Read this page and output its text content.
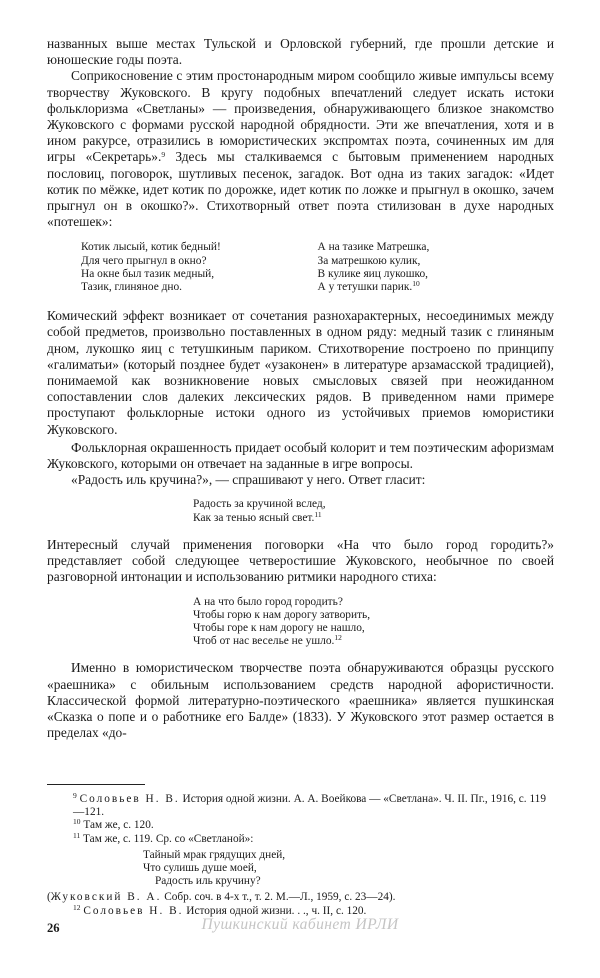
названных выше местах Тульской и Орловской губерний, где прошли детские и юношеские годы поэта.

Соприкосновение с этим простонародным миром сообщило живые импульсы всему творчеству Жуковского. В кругу подобных впечатлений следует искать истоки фольклоризма «Светланы» — произведения, обнаруживающего близкое знакомство Жуковского с формами русской народной обрядности. Эти же впечатления, хотя и в ином ракурсе, отразились в юмористических экспромтах поэта, сочиненных им для игры «Секретарь».$^9$ Здесь мы сталкиваемся с бытовым применением народных пословиц, поговорок, шутливых песенок, загадок. Вот одна из таких загадок: «Идет котик по мёжке, идет котик по дорожке, идет котик по ложке и прыгнул в окошко, зачем прыгнул он в окошко?». Стихотворный ответ поэта стилизован в духе народных «потешек»:

Котик лысый, котик бедный!
Для чего прыгнул в окно?
На окне был тазик медный,
Тазик, глиняное дно.
А на тазике Матрешка,
За матрешкою кулик,
В кулике яиц лукошко,
А у тетушки парик.$^{10}$

Комический эффект возникает от сочетания разнохарактерных, несоединимых между собой предметов, произвольно поставленных в одном ряду: медный тазик с глиняным дном, лукошко яиц с тетушкиным париком. Стихотворение построено по принципу «галиматьи» (который позднее будет «узаконен» в литературе арзамасской традицией), понимаемой как возникновение новых смысловых связей при неожиданном сопоставлении слов далеких лексических рядов. В приведенном нами примере проступают фольклорные истоки одного из устойчивых приемов юмористики Жуковского.

Фольклорная окрашенность придает особый колорит и тем поэтическим афоризмам Жуковского, которыми он отвечает на заданные в игре вопросы.

«Радость иль кручина?», — спрашивают у него. Ответ гласит:

Радость за кручиной вслед,
Как за тенью ясный свет.$^{11}$

Интересный случай применения поговорки «На что было город городить?» представляет собой следующее четверостишие Жуковского, необычное по своей разговорной интонации и использованию ритмики народного стиха:

А на что было город городить?
Чтобы горю к нам дорогу затворить,
Чтобы горе к нам дорогу не нашло,
Чтоб от нас веселье не ушло.$^{12}$

Именно в юмористическом творчестве поэта обнаруживаются образцы русского «раешника» с обильным использованием средств народной афористичности. Классической формой литературно-поэтического «раешника» является пушкинская «Сказка о попе и о работнике его Балде» (1833). У Жуковского этот размер остается в пределах «до-

$^9$ Соловьев Н. В. История одной жизни. А. А. Воейкова — «Светлана». Ч. II. Пг., 1916, с. 119—121.

$^{10}$ Там же, с. 120.

$^{11}$ Там же, с. 119. Ср. со «Светланой»:

Тайный мрак грядущих дней,
Что сулишь душе моей,
Радость иль кручину?

(Жуковский В. А. Собр. соч. в 4-х т., т. 2. М.—Л., 1959, с. 23—24).

$^{12}$ Соловьев Н. В. История одной жизни. . ., ч. II, с. 120.

26	Пушкинский кабинет ИРЛИ
